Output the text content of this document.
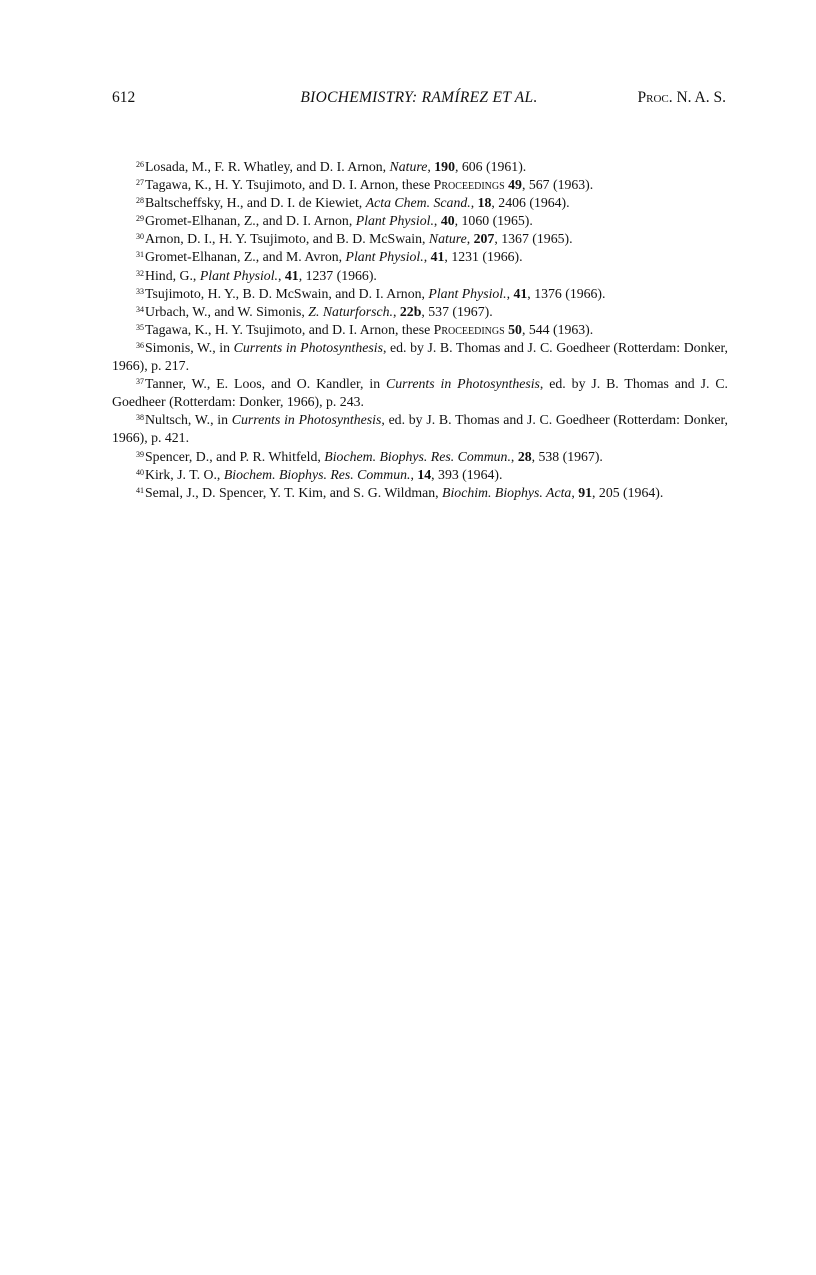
612	BIOCHEMISTRY: RAMÍREZ ET AL.	Proc. N. A. S.

$^{26}$Losada, M., F. R. Whatley, and D. I. Arnon, Nature, 190, 606 (1961).

$^{27}$Tagawa, K., H. Y. Tsujimoto, and D. I. Arnon, these Proceedings 49, 567 (1963).

$^{28}$Baltscheffsky, H., and D. I. de Kiewiet, Acta Chem. Scand., 18, 2406 (1964).

$^{29}$Gromet-Elhanan, Z., and D. I. Arnon, Plant Physiol., 40, 1060 (1965).

$^{30}$Arnon, D. I., H. Y. Tsujimoto, and B. D. McSwain, Nature, 207, 1367 (1965).

$^{31}$Gromet-Elhanan, Z., and M. Avron, Plant Physiol., 41, 1231 (1966).

$^{32}$Hind, G., Plant Physiol., 41, 1237 (1966).

$^{33}$Tsujimoto, H. Y., B. D. McSwain, and D. I. Arnon, Plant Physiol., 41, 1376 (1966).

$^{34}$Urbach, W., and W. Simonis, Z. Naturforsch., 22b, 537 (1967).

$^{35}$Tagawa, K., H. Y. Tsujimoto, and D. I. Arnon, these Proceedings 50, 544 (1963).

$^{36}$Simonis, W., in Currents in Photosynthesis, ed. by J. B. Thomas and J. C. Goedheer (Rotterdam: Donker, 1966), p. 217.

$^{37}$Tanner, W., E. Loos, and O. Kandler, in Currents in Photosynthesis, ed. by J. B. Thomas and J. C. Goedheer (Rotterdam: Donker, 1966), p. 243.

$^{38}$Nultsch, W., in Currents in Photosynthesis, ed. by J. B. Thomas and J. C. Goedheer (Rotterdam: Donker, 1966), p. 421.

$^{39}$Spencer, D., and P. R. Whitfeld, Biochem. Biophys. Res. Commun., 28, 538 (1967).

$^{40}$Kirk, J. T. O., Biochem. Biophys. Res. Commun., 14, 393 (1964).

$^{41}$Semal, J., D. Spencer, Y. T. Kim, and S. G. Wildman, Biochim. Biophys. Acta, 91, 205 (1964).
